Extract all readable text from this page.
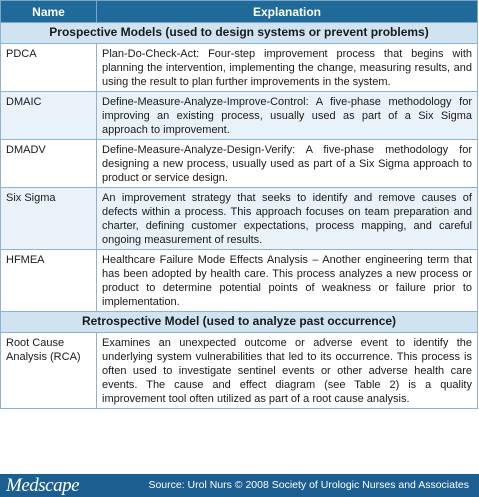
Name	Explanation
Prospective Models (used to design systems or prevent problems)	
PDCA	Plan-Do-Check-Act: Four-step improvement process that begins with planning the intervention, implementing the change, measuring results, and using the result to plan further improvements in the system.
DMAIC	Define-Measure-Analyze-Improve-Control: A five-phase methodology for improving an existing process, usually used as part of a Six Sigma approach to improvement.
DMADV	Define-Measure-Analyze-Design-Verify: A five-phase methodology for designing a new process, usually used as part of a Six Sigma approach to product or service design.
Six Sigma	An improvement strategy that seeks to identify and remove causes of defects within a process. This approach focuses on team preparation and charter, defining customer expectations, process mapping, and careful ongoing measurement of results.
HFMEA	Healthcare Failure Mode Effects Analysis – Another engineering term that has been adopted by health care. This process analyzes a new process or product to determine potential points of weakness or failure prior to implementation.
Retrospective Model (used to analyze past occurrence)	
Root Cause Analysis (RCA)	Examines an unexpected outcome or adverse event to identify the underlying system vulnerabilities that led to its occurrence. This process is often used to investigate sentinel events or other adverse health care events. The cause and effect diagram (see Table 2) is a quality improvement tool often utilized as part of a root cause analysis.
Medscape	Source: Urol Nurs © 2008 Society of Urologic Nurses and Associates
